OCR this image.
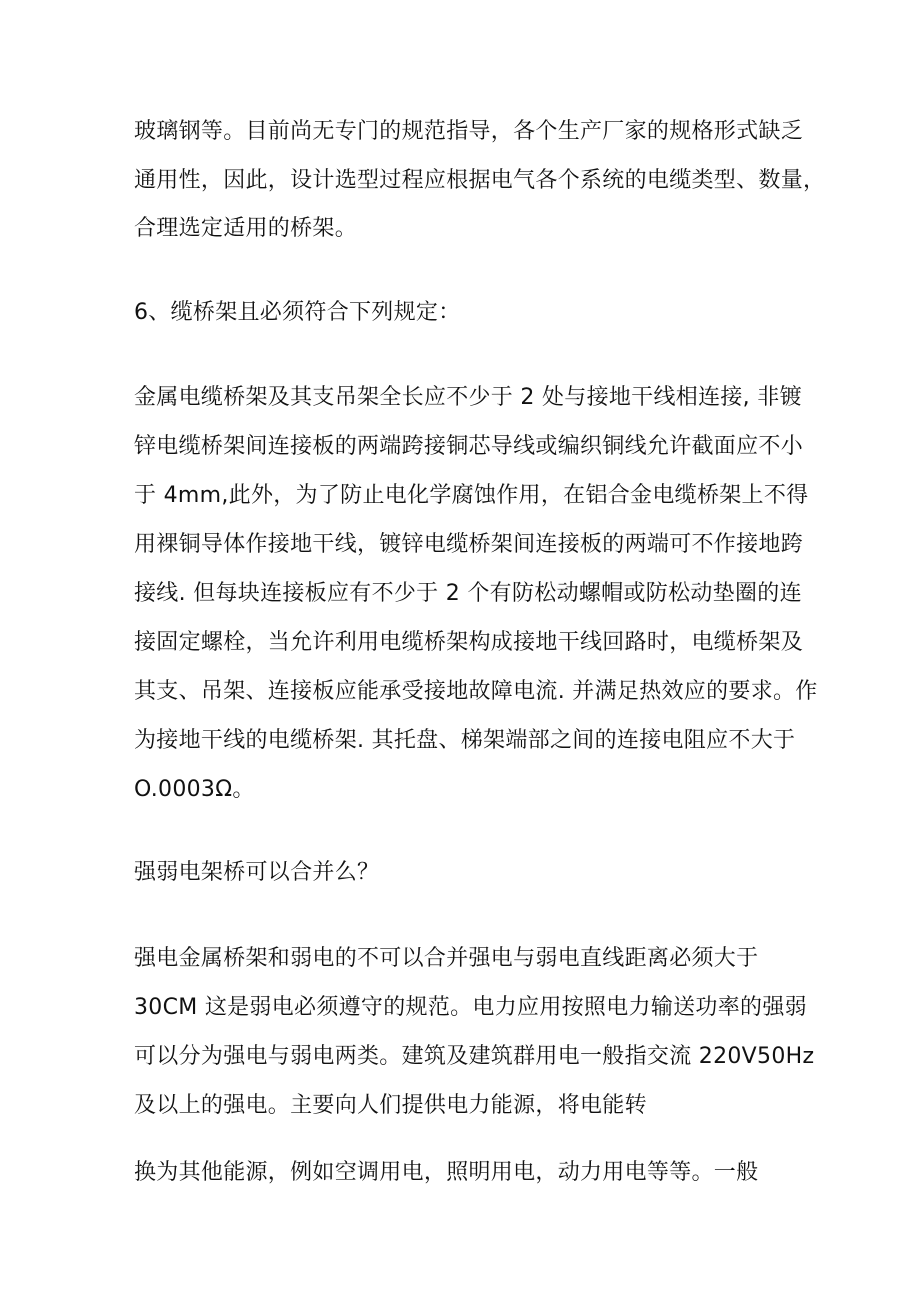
玻璃钢等。目前尚无专门的规范指导，各个生产厂家的规格形式缺乏
通用性，因此，设计选型过程应根据电气各个系统的电缆类型、数量，
合理选定适用的桥架。
6、缆桥架且必须符合下列规定：
金属电缆桥架及其支吊架全长应不少于 2 处与接地干线相连接, 非镀
锌电缆桥架间连接板的两端跨接铜芯导线或编织铜线允许截面应不小
于 4mm,此外，为了防止电化学腐蚀作用，在铝合金电缆桥架上不得
用裸铜导体作接地干线，镀锌电缆桥架间连接板的两端可不作接地跨
接线. 但每块连接板应有不少于 2 个有防松动螺帽或防松动垫圈的连
接固定螺栓，当允许利用电缆桥架构成接地干线回路时，电缆桥架及
其支、吊架、连接板应能承受接地故障电流. 并满足热效应的要求。作
为接地干线的电缆桥架. 其托盘、梯架端部之间的连接电阻应不大于
O.0003Ω。
强弱电架桥可以合并么？
强电金属桥架和弱电的不可以合并强电与弱电直线距离必须大于
30CM 这是弱电必须遵守的规范。电力应用按照电力输送功率的强弱
可以分为强电与弱电两类。建筑及建筑群用电一般指交流 220V50Hz
及以上的强电。主要向人们提供电力能源，将电能转
换为其他能源，例如空调用电，照明用电，动力用电等等。一般
